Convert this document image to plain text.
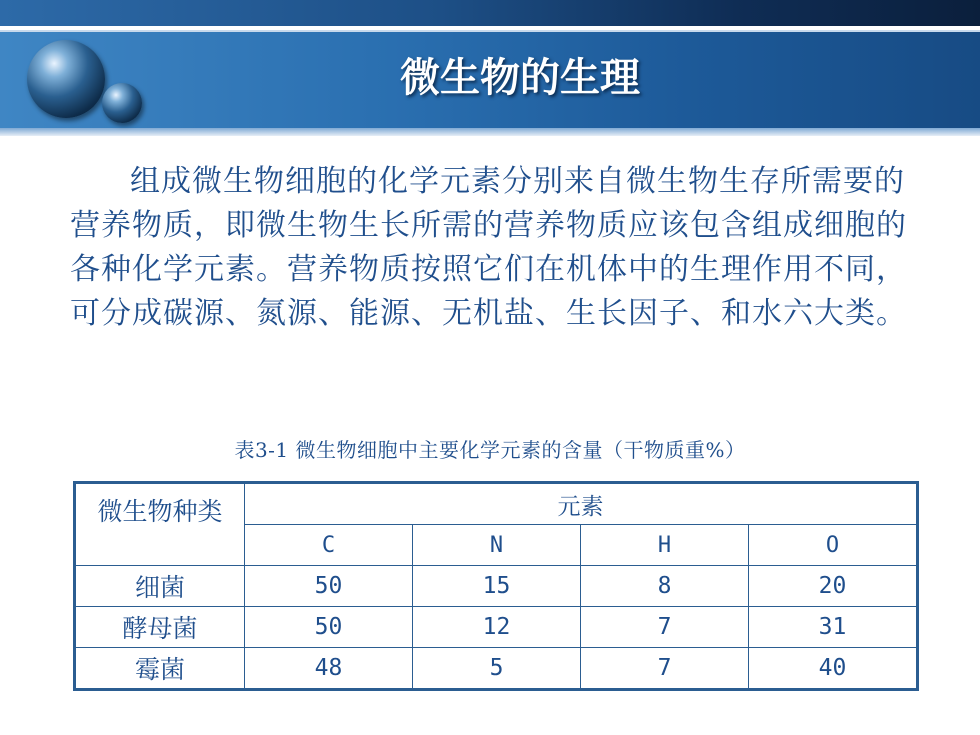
微生物的生理
组成微生物细胞的化学元素分别来自微生物生存所需要的营养物质，即微生物生长所需的营养物质应该包含组成细胞的各种化学元素。营养物质按照它们在机体中的生理作用不同，可分成碳源、氮源、能源、无机盐、生长因子、和水六大类。
表3-1 微生物细胞中主要化学元素的含量（干物质重%）
微生物种类	元素			
	C	N	H	O
细菌	50	15	8	20
酵母菌	50	12	7	31
霉菌	48	5	7	40
